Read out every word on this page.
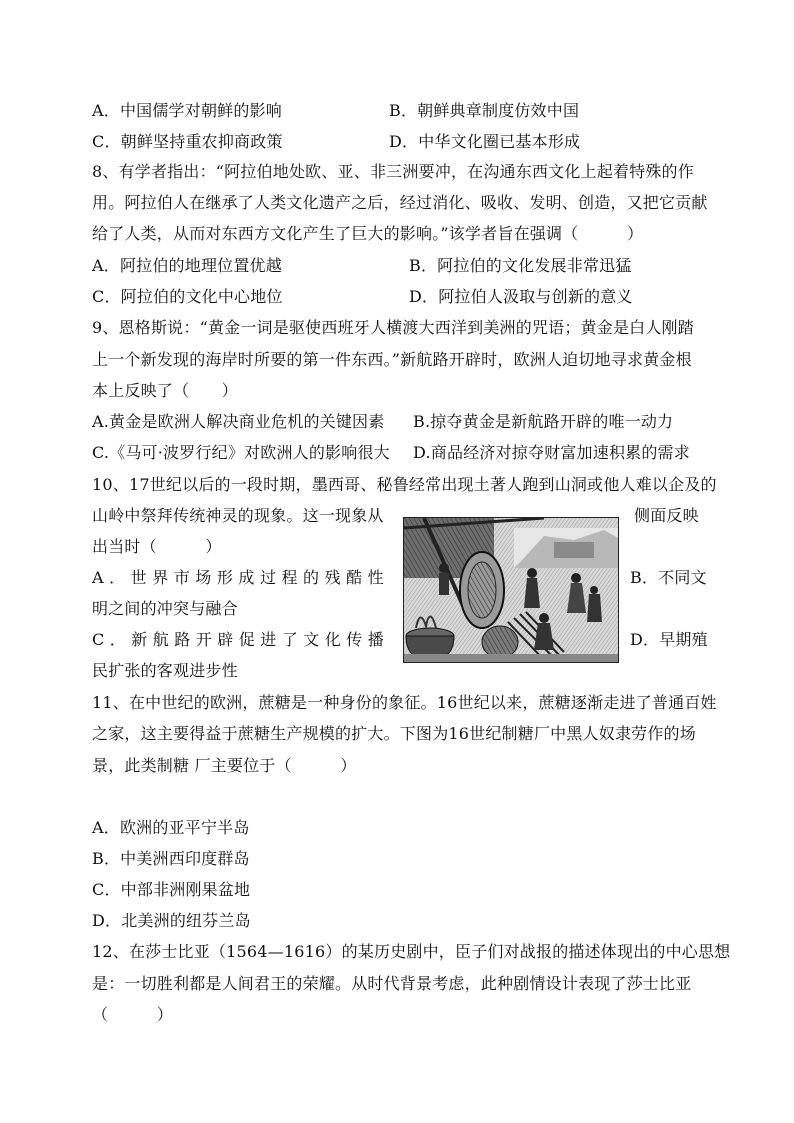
A．中国儒学对朝鲜的影响	B．朝鲜典章制度仿效中国
C．朝鲜坚持重农抑商政策	D．中华文化圈已基本形成
8、有学者指出：“阿拉伯地处欧、亚、非三洲要冲，在沟通东西文化上起着特殊的作
用。阿拉伯人在继承了人类文化遗产之后，经过消化、吸收、发明、创造，又把它贡献
给了人类，从而对东西方文化产生了巨大的影响。”该学者旨在强调（　　　）
A．阿拉伯的地理位置优越	B．阿拉伯的文化发展非常迅猛
C．阿拉伯的文化中心地位	D．阿拉伯人汲取与创新的意义
9、恩格斯说：“黄金一词是驱使西班牙人横渡大西洋到美洲的咒语；黄金是白人刚踏
上一个新发现的海岸时所要的第一件东西。”新航路开辟时，欧洲人迫切地寻求黄金根
本上反映了（　　）
A.黄金是欧洲人解决商业危机的关键因素 B.掠夺黄金是新航路开辟的唯一动力
C.《马可·波罗行纪》对欧洲人的影响很大 D.商品经济对掠夺财富加速积累的需求
10、17世纪以后的一段时期，墨西哥、秘鲁经常出现土著人跑到山洞或他人难以企及的
山岭中祭拜传统神灵的现象。这一现象从	侧面反映
出当时（　　　）
A ． 世 界 市 场 形 成 过 程 的 残 酷 性	B．不同文
明之间的冲突与融合
C ． 新 航 路 开 辟 促 进 了 文 化 传 播	D．早期殖
民扩张的客观进步性
11、在中世纪的欧洲，蔗糖是一种身份的象征。16世纪以来，蔗糖逐渐走进了普通百姓
之家，这主要得益于蔗糖生产规模的扩大。下图为16世纪制糖厂中黑人奴隶劳作的场
景，此类制糖 厂主要位于（　　　）
A．欧洲的亚平宁半岛
B．中美洲西印度群岛
C．中部非洲刚果盆地
D．北美洲的纽芬兰岛
12、在莎士比亚（1564—1616）的某历史剧中，臣子们对战报的描述体现出的中心思想
是：一切胜利都是人间君王的荣耀。从时代背景考虑，此种剧情设计表现了莎士比亚
（　　　）
